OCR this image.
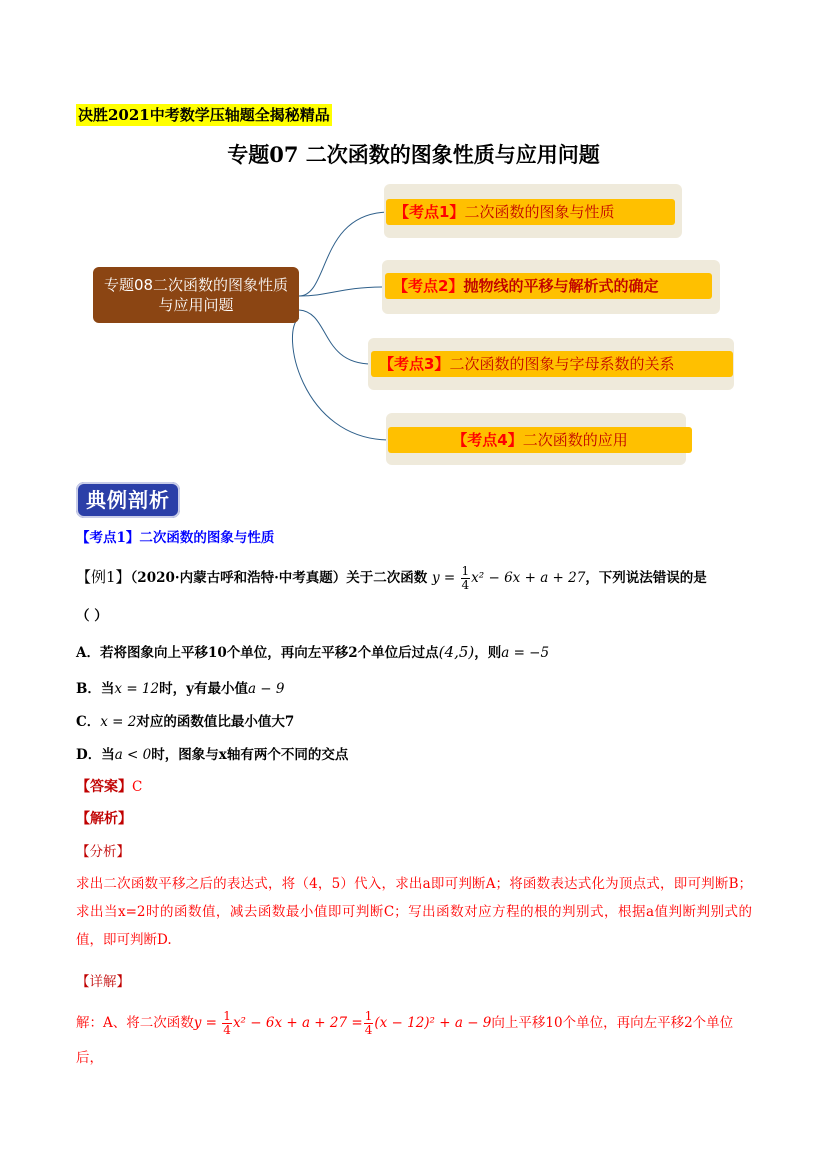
决胜2021中考数学压轴题全揭秘精品
专题07 二次函数的图象性质与应用问题
专题08二次函数的图象性质与应用问题
【考点1】二次函数的图象与性质
【考点2】抛物线的平移与解析式的确定
【考点3】二次函数的图象与字母系数的关系
【考点4】二次函数的应用
典例剖析
【考点1】二次函数的图象与性质
【例1】（2020·内蒙古呼和浩特·中考真题）关于二次函数 $y = \frac{1}{4} x^2 - 6x + a + 27$，下列说法错误的是
（ ）
A．若将图象向上平移10个单位，再向左平移2个单位后过点(4,5)，则a = −5
B．当x = 12时，y有最小值a − 9
C．x = 2对应的函数值比最小值大7
D．当a < 0时，图象与x轴有两个不同的交点
【答案】C
【解析】
【分析】
求出二次函数平移之后的表达式，将（4，5）代入，求出a即可判断A；将函数表达式化为顶点式，即可判断B；求出当x=2时的函数值，减去函数最小值即可判断C；写出函数对应方程的根的判别式，根据a值判断判别式的值，即可判断D.
【详解】
解：A、将二次函数$y = \frac{1}{4} x^2 - 6x + a + 27 = \frac{1}{4} (x - 12)^2 + a - 9$向上平移10个单位，再向左平移2个单位
后，
